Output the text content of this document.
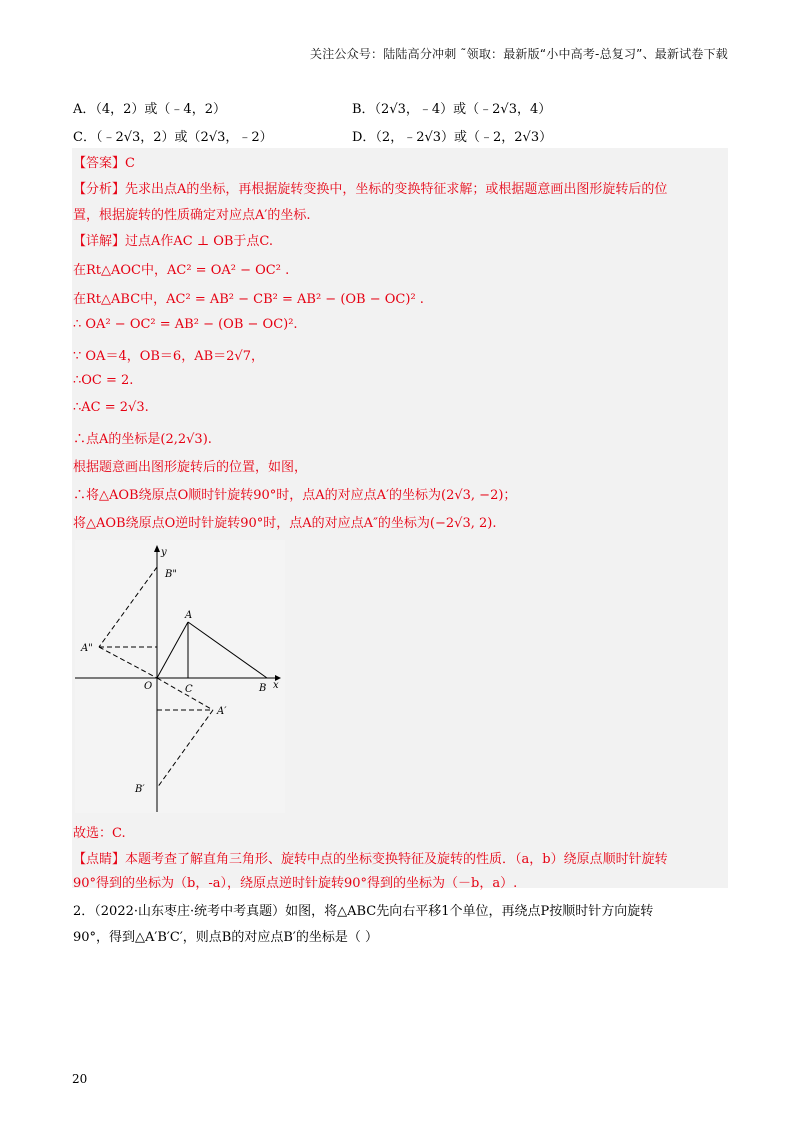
关注公众号：陆陆高分冲刺 ˜领取：最新版“小中高考-总复习”、最新试卷下载
A．（4，2）或（﹣4，2）	B．（2√3，﹣4）或（﹣2√3，4）
C．（﹣2√3，2）或（2√3，﹣2）	D．（2，﹣2√3）或（﹣2，2√3）
【答案】C
【分析】先求出点A的坐标，再根据旋转变换中，坐标的变换特征求解；或根据题意画出图形旋转后的位
置，根据旋转的性质确定对应点A′的坐标.
【详解】过点A作AC ⊥ OB于点C.
在Rt△AOC中，AC² = OA² − OC² .
在Rt△ABC中，AC² = AB² − CB² = AB² − (OB − OC)² .
∴ OA² − OC² = AB² − (OB − OC)².
∵ OA＝4，OB＝6，AB＝2√7，
∴OC = 2.
∴AC = 2√3.
∴点A的坐标是(2,2√3).
根据题意画出图形旋转后的位置，如图，
∴将△AOB绕原点O顺时针旋转90°时，点A的对应点A′的坐标为(2√3, −2)；
将△AOB绕原点O逆时针旋转90°时，点A的对应点A″的坐标为(−2√3, 2).
y
x
O	C
A
B
B"
A"
A′
B′
故选：C.
【点睛】本题考查了解直角三角形、旋转中点的坐标变换特征及旋转的性质．（a，b）绕原点顺时针旋转
90°得到的坐标为（b，-a），绕原点逆时针旋转90°得到的坐标为（－b，a）.
2．（2022·山东枣庄·统考中考真题）如图，将△ABC先向右平移1个单位，再绕点P按顺时针方向旋转
90°，得到△A′B′C′，则点B的对应点B′的坐标是（ ）
20
